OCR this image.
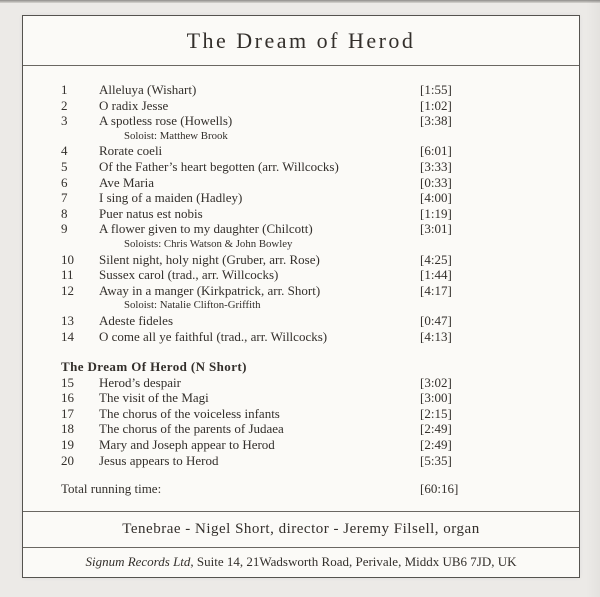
The Dream of Herod
1	Alleluya (Wishart)	[1:55]
2	O radix Jesse	[1:02]
3	A spotless rose (Howells)	[3:38]
Soloist: Matthew Brook
4	Rorate coeli	[6:01]
5	Of the Father’s heart begotten (arr. Willcocks)	[3:33]
6	Ave Maria	[0:33]
7	I sing of a maiden (Hadley)	[4:00]
8	Puer natus est nobis	[1:19]
9	A flower given to my daughter (Chilcott)	[3:01]
Soloists: Chris Watson & John Bowley
10	Silent night, holy night (Gruber, arr. Rose)	[4:25]
11	Sussex carol (trad., arr. Willcocks)	[1:44]
12	Away in a manger (Kirkpatrick, arr. Short)	[4:17]
Soloist: Natalie Clifton-Griffith
13	Adeste fideles	[0:47]
14	O come all ye faithful (trad., arr. Willcocks)	[4:13]
The Dream Of Herod (N Short)
15	Herod’s despair	[3:02]
16	The visit of the Magi	[3:00]
17	The chorus of the voiceless infants	[2:15]
18	The chorus of the parents of Judaea	[2:49]
19	Mary and Joseph appear to Herod	[2:49]
20	Jesus appears to Herod	[5:35]
Total running time:	[60:16]
Tenebrae - Nigel Short, director - Jeremy Filsell, organ
Signum Records Ltd, Suite 14, 21Wadsworth Road, Perivale, Middx UB6 7JD, UK
